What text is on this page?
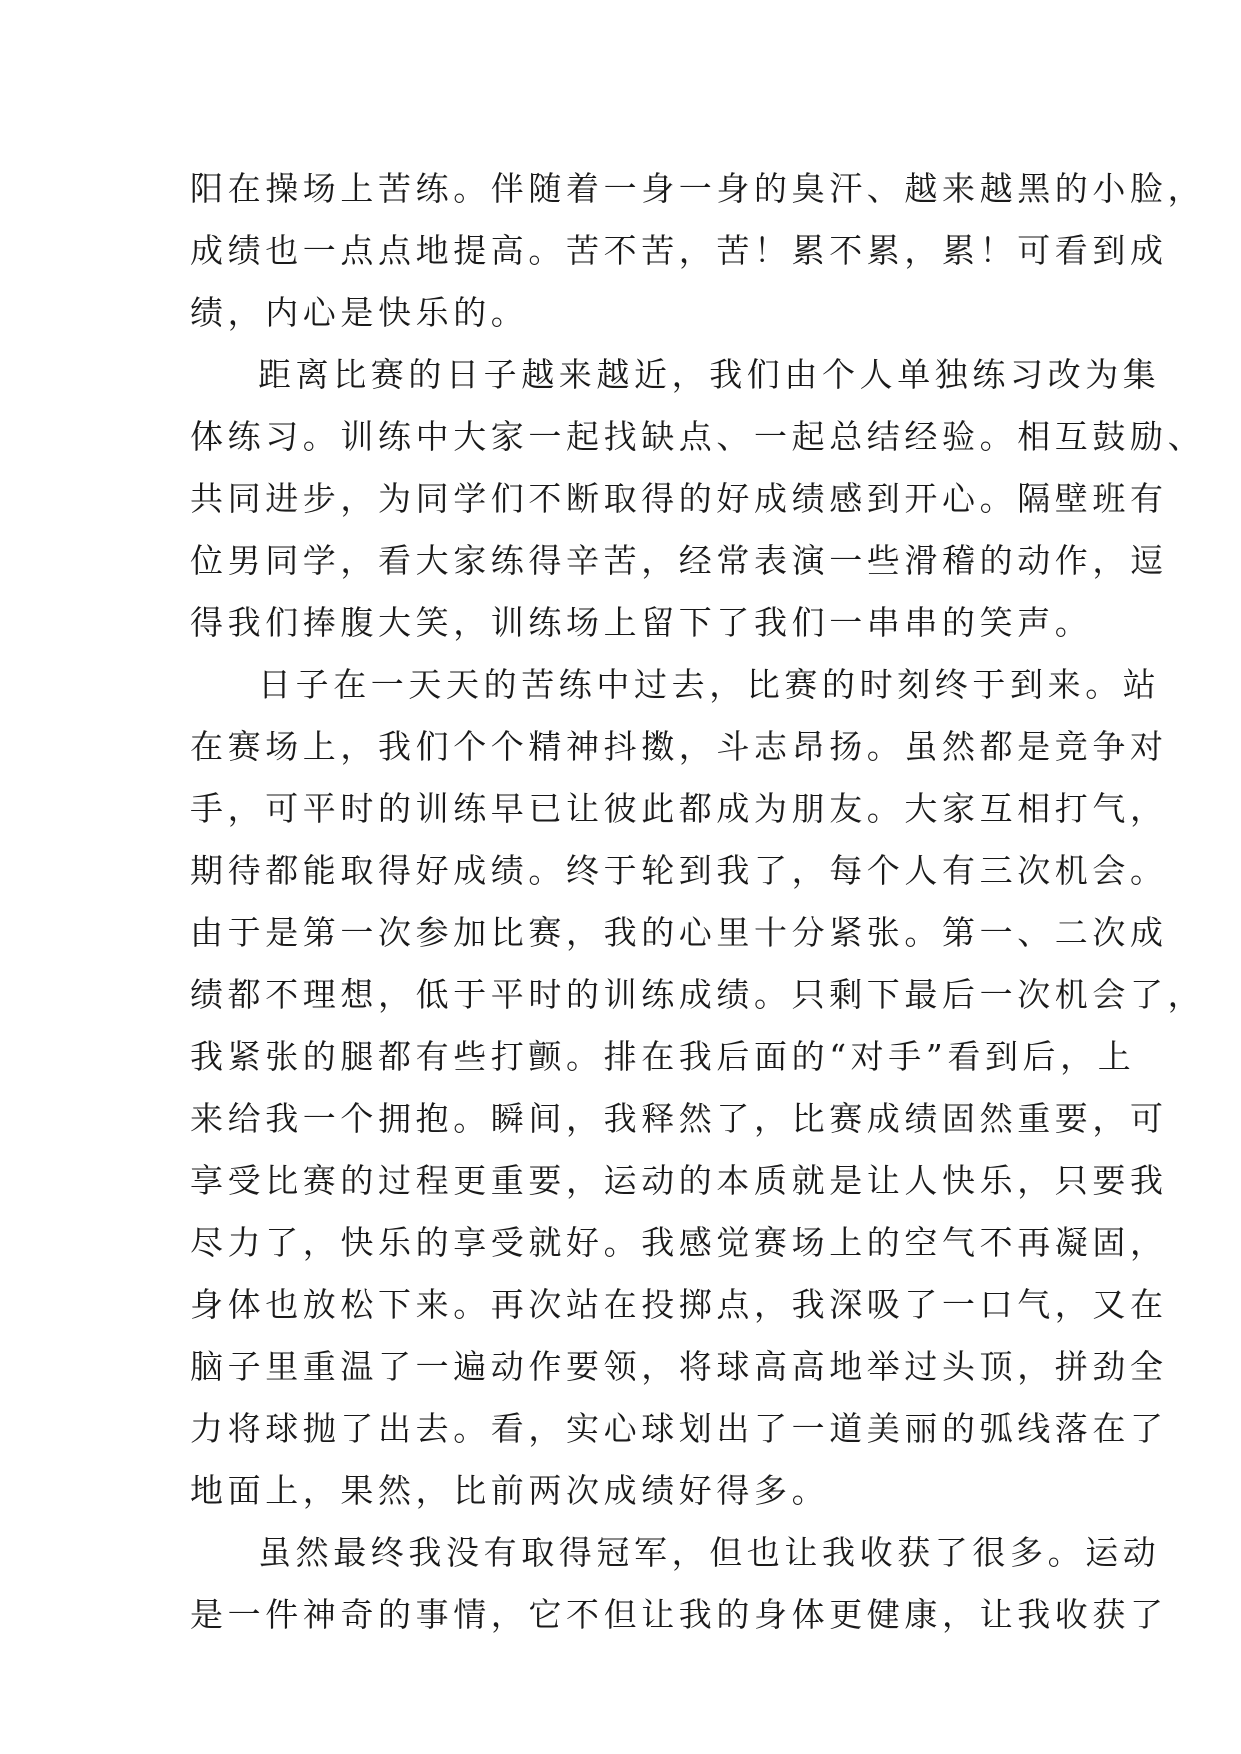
阳在操场上苦练。伴随着一身一身的臭汗、越来越黑的小脸，
成绩也一点点地提高。苦不苦，苦！累不累，累！可看到成
绩，内心是快乐的。
距离比赛的日子越来越近，我们由个人单独练习改为集
体练习。训练中大家一起找缺点、一起总结经验。相互鼓励、
共同进步，为同学们不断取得的好成绩感到开心。隔壁班有
位男同学，看大家练得辛苦，经常表演一些滑稽的动作，逗
得我们捧腹大笑，训练场上留下了我们一串串的笑声。
日子在一天天的苦练中过去，比赛的时刻终于到来。站
在赛场上，我们个个精神抖擞，斗志昂扬。虽然都是竞争对
手，可平时的训练早已让彼此都成为朋友。大家互相打气，
期待都能取得好成绩。终于轮到我了，每个人有三次机会。
由于是第一次参加比赛，我的心里十分紧张。第一、二次成
绩都不理想，低于平时的训练成绩。只剩下最后一次机会了，
我紧张的腿都有些打颤。排在我后面的“对手”看到后，上
来给我一个拥抱。瞬间，我释然了，比赛成绩固然重要，可
享受比赛的过程更重要，运动的本质就是让人快乐，只要我
尽力了，快乐的享受就好。我感觉赛场上的空气不再凝固，
身体也放松下来。再次站在投掷点，我深吸了一口气，又在
脑子里重温了一遍动作要领，将球高高地举过头顶，拼劲全
力将球抛了出去。看，实心球划出了一道美丽的弧线落在了
地面上，果然，比前两次成绩好得多。
虽然最终我没有取得冠军，但也让我收获了很多。运动
是一件神奇的事情，它不但让我的身体更健康，让我收获了
